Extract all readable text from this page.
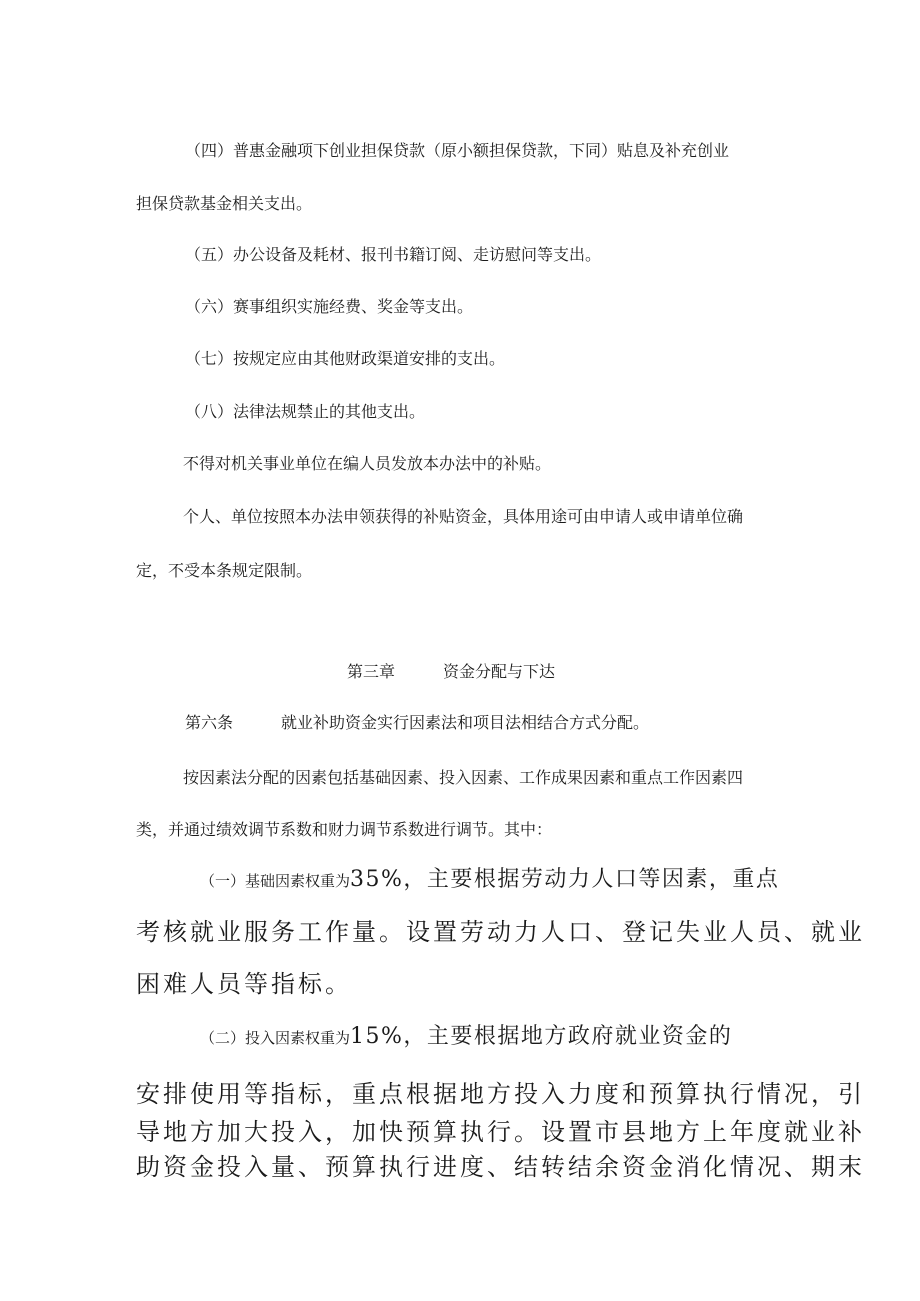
（四）普惠金融项下创业担保贷款（原小额担保贷款，下同）贴息及补充创业
担保贷款基金相关支出。
（五）办公设备及耗材、报刊书籍订阅、走访慰问等支出。
（六）赛事组织实施经费、奖金等支出。
（七）按规定应由其他财政渠道安排的支出。
（八）法律法规禁止的其他支出。
不得对机关事业单位在编人员发放本办法中的补贴。
个人、单位按照本办法申领获得的补贴资金，具体用途可由申请人或申请单位确
定，不受本条规定限制。
第三章	资金分配与下达
第六条	就业补助资金实行因素法和项目法相结合方式分配。
按因素法分配的因素包括基础因素、投入因素、工作成果因素和重点工作因素四
类，并通过绩效调节系数和财力调节系数进行调节。其中：
（一）基础因素权重为35%，主要根据劳动力人口等因素，重点
考核就业服务工作量。设置劳动力人口、登记失业人员、就业
困难人员等指标。
（二）投入因素权重为15%，主要根据地方政府就业资金的
安排使用等指标，重点根据地方投入力度和预算执行情况，引
导地方加大投入，加快预算执行。设置市县地方上年度就业补
助资金投入量、预算执行进度、结转结余资金消化情况、期末
